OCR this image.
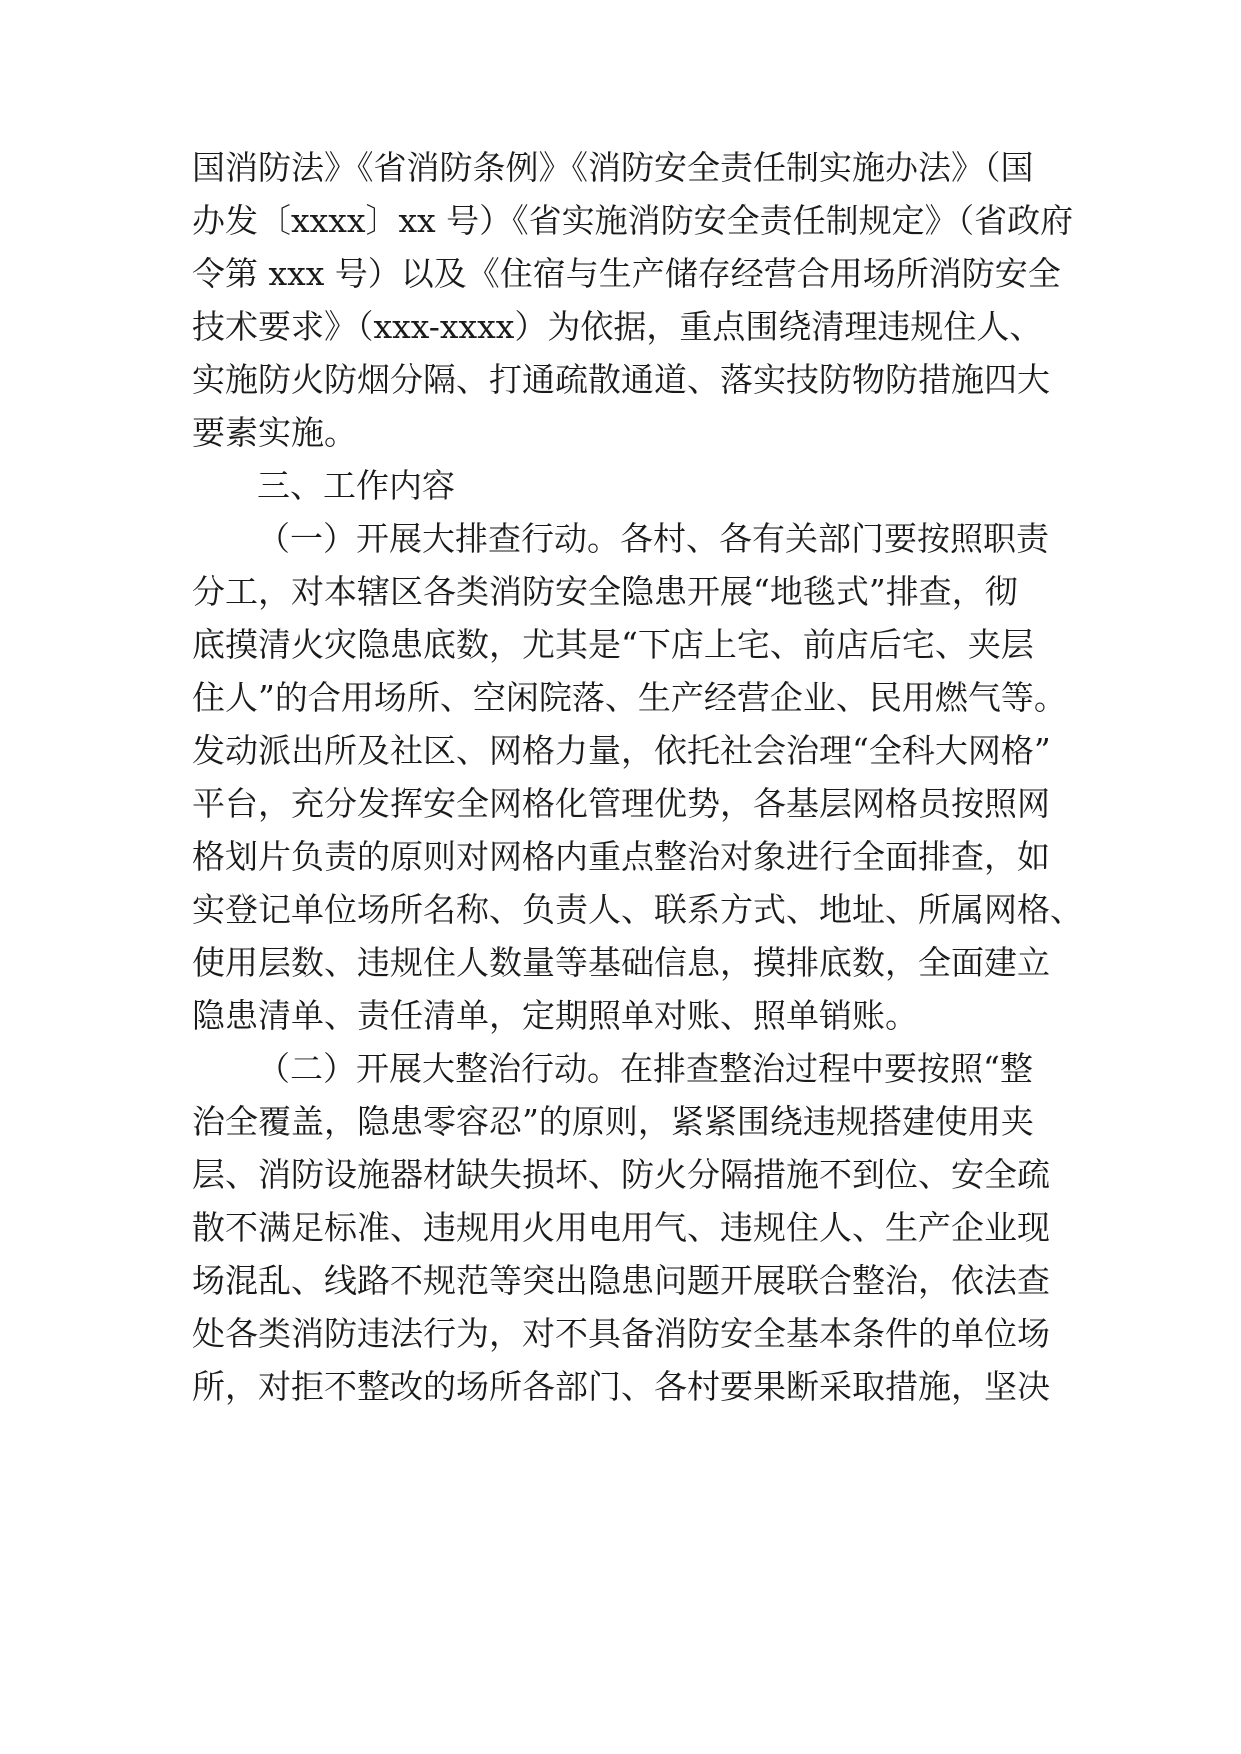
国消防法》《省消防条例》《消防安全责任制实施办法》（国
办发〔xxxx〕xx 号）《省实施消防安全责任制规定》（省政府
令第 xxx 号）以及《住宿与生产储存经营合用场所消防安全
技术要求》（xxx-xxxx）为依据，重点围绕清理违规住人、
实施防火防烟分隔、打通疏散通道、落实技防物防措施四大
要素实施。
三、工作内容
（一）开展大排查行动。各村、各有关部门要按照职责
分工，对本辖区各类消防安全隐患开展“地毯式”排查，彻
底摸清火灾隐患底数，尤其是“下店上宅、前店后宅、夹层
住人”的合用场所、空闲院落、生产经营企业、民用燃气等。
发动派出所及社区、网格力量，依托社会治理“全科大网格”
平台，充分发挥安全网格化管理优势，各基层网格员按照网
格划片负责的原则对网格内重点整治对象进行全面排查，如
实登记单位场所名称、负责人、联系方式、地址、所属网格、
使用层数、违规住人数量等基础信息，摸排底数，全面建立
隐患清单、责任清单，定期照单对账、照单销账。
（二）开展大整治行动。在排查整治过程中要按照“整
治全覆盖，隐患零容忍”的原则，紧紧围绕违规搭建使用夹
层、消防设施器材缺失损坏、防火分隔措施不到位、安全疏
散不满足标准、违规用火用电用气、违规住人、生产企业现
场混乱、线路不规范等突出隐患问题开展联合整治，依法查
处各类消防违法行为，对不具备消防安全基本条件的单位场
所，对拒不整改的场所各部门、各村要果断采取措施，坚决
